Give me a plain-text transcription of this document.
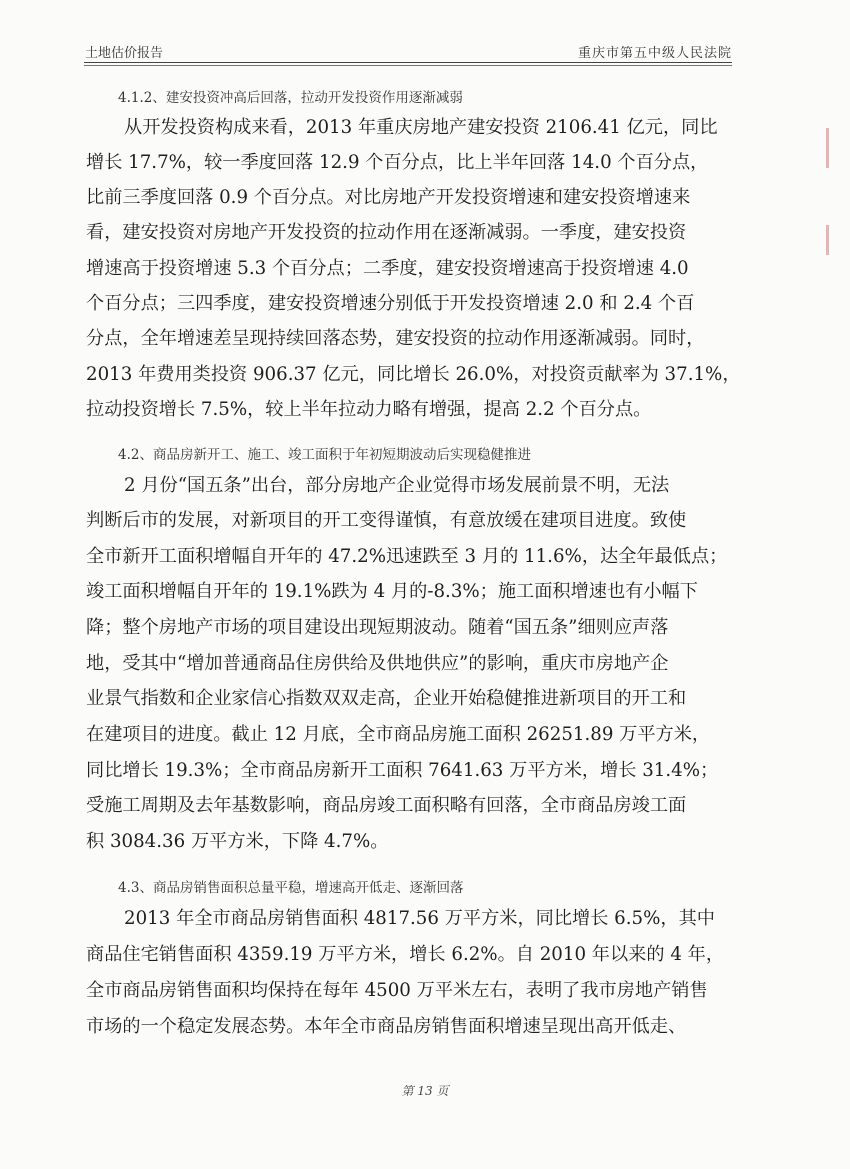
土地估价报告	重庆市第五中级人民法院
4.1.2、建安投资冲高后回落，拉动开发投资作用逐渐减弱
从开发投资构成来看，2013 年重庆房地产建安投资 2106.41 亿元，同比
增长 17.7%，较一季度回落 12.9 个百分点，比上半年回落 14.0 个百分点，
比前三季度回落 0.9 个百分点。对比房地产开发投资增速和建安投资增速来
看，建安投资对房地产开发投资的拉动作用在逐渐减弱。一季度，建安投资
增速高于投资增速 5.3 个百分点；二季度，建安投资增速高于投资增速 4.0
个百分点；三四季度，建安投资增速分别低于开发投资增速 2.0 和 2.4 个百
分点，全年增速差呈现持续回落态势，建安投资的拉动作用逐渐减弱。同时，
2013 年费用类投资 906.37 亿元，同比增长 26.0%，对投资贡献率为 37.1%，
拉动投资增长 7.5%，较上半年拉动力略有增强，提高 2.2 个百分点。
4.2、商品房新开工、施工、竣工面积于年初短期波动后实现稳健推进
2 月份“国五条”出台，部分房地产企业觉得市场发展前景不明，无法
判断后市的发展，对新项目的开工变得谨慎，有意放缓在建项目进度。致使
全市新开工面积增幅自开年的 47.2%迅速跌至 3 月的 11.6%，达全年最低点；
竣工面积增幅自开年的 19.1%跌为 4 月的-8.3%；施工面积增速也有小幅下
降；整个房地产市场的项目建设出现短期波动。随着“国五条”细则应声落
地，受其中“增加普通商品住房供给及供地供应”的影响，重庆市房地产企
业景气指数和企业家信心指数双双走高，企业开始稳健推进新项目的开工和
在建项目的进度。截止 12 月底，全市商品房施工面积 26251.89 万平方米，
同比增长 19.3%；全市商品房新开工面积 7641.63 万平方米，增长 31.4%；
受施工周期及去年基数影响，商品房竣工面积略有回落，全市商品房竣工面
积 3084.36 万平方米，下降 4.7%。
4.3、商品房销售面积总量平稳，增速高开低走、逐渐回落
2013 年全市商品房销售面积 4817.56 万平方米，同比增长 6.5%，其中
商品住宅销售面积 4359.19 万平方米，增长 6.2%。自 2010 年以来的 4 年，
全市商品房销售面积均保持在每年 4500 万平米左右，表明了我市房地产销售
市场的一个稳定发展态势。本年全市商品房销售面积增速呈现出高开低走、
第 13 页
